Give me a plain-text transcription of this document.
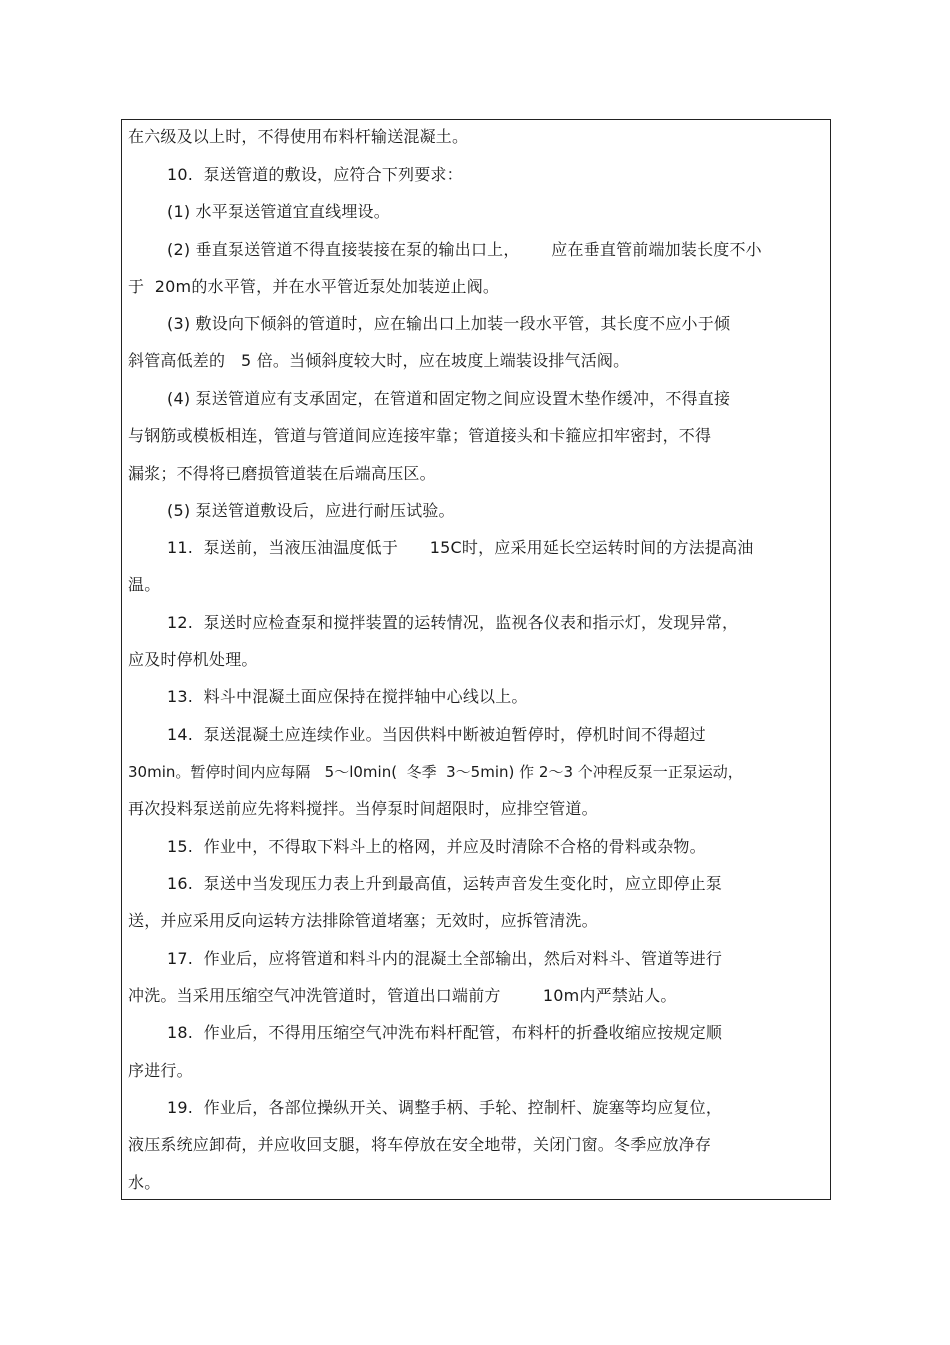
在六级及以上时，不得使用布料杆输送混凝土。
10.  泵送管道的敷设，应符合下列要求：
(1) 水平泵送管道宜直线埋设。
(2) 垂直泵送管道不得直接装接在泵的输出口上，      应在垂直管前端加装长度不小
于  20m的水平管，并在水平管近泵处加装逆止阀。
(3) 敷设向下倾斜的管道时，应在输出口上加装一段水平管，其长度不应小于倾
斜管高低差的   5 倍。当倾斜度较大时，应在坡度上端装设排气活阀。
(4) 泵送管道应有支承固定，在管道和固定物之间应设置木垫作缓冲，不得直接
与钢筋或模板相连，管道与管道间应连接牢靠；管道接头和卡箍应扣牢密封，不得
漏浆；不得将已磨损管道装在后端高压区。
(5) 泵送管道敷设后，应进行耐压试验。
11.  泵送前，当液压油温度低于      15C时，应采用延长空运转时间的方法提高油
温。
12.  泵送时应检查泵和搅拌装置的运转情况，监视各仪表和指示灯，发现异常，
应及时停机处理。
13.  料斗中混凝土面应保持在搅拌轴中心线以上。
14.  泵送混凝土应连续作业。当因供料中断被迫暂停时，停机时间不得超过
30min。暂停时间内应每隔   5～l0min(  冬季  3～5min) 作 2～3 个冲程反泵一正泵运动，
再次投料泵送前应先将料搅拌。当停泵时间超限时，应排空管道。
15.  作业中，不得取下料斗上的格网，并应及时清除不合格的骨料或杂物。
16.  泵送中当发现压力表上升到最高值，运转声音发生变化时，应立即停止泵
送，并应采用反向运转方法排除管道堵塞；无效时，应拆管清洗。
17.  作业后，应将管道和料斗内的混凝土全部输出，然后对料斗、管道等进行
冲洗。当采用压缩空气冲洗管道时，管道出口端前方        10m内严禁站人。
18.  作业后，不得用压缩空气冲洗布料杆配管，布料杆的折叠收缩应按规定顺
序进行。
19.  作业后，各部位操纵开关、调整手柄、手轮、控制杆、旋塞等均应复位，
液压系统应卸荷，并应收回支腿，将车停放在安全地带，关闭门窗。冬季应放净存
水。
